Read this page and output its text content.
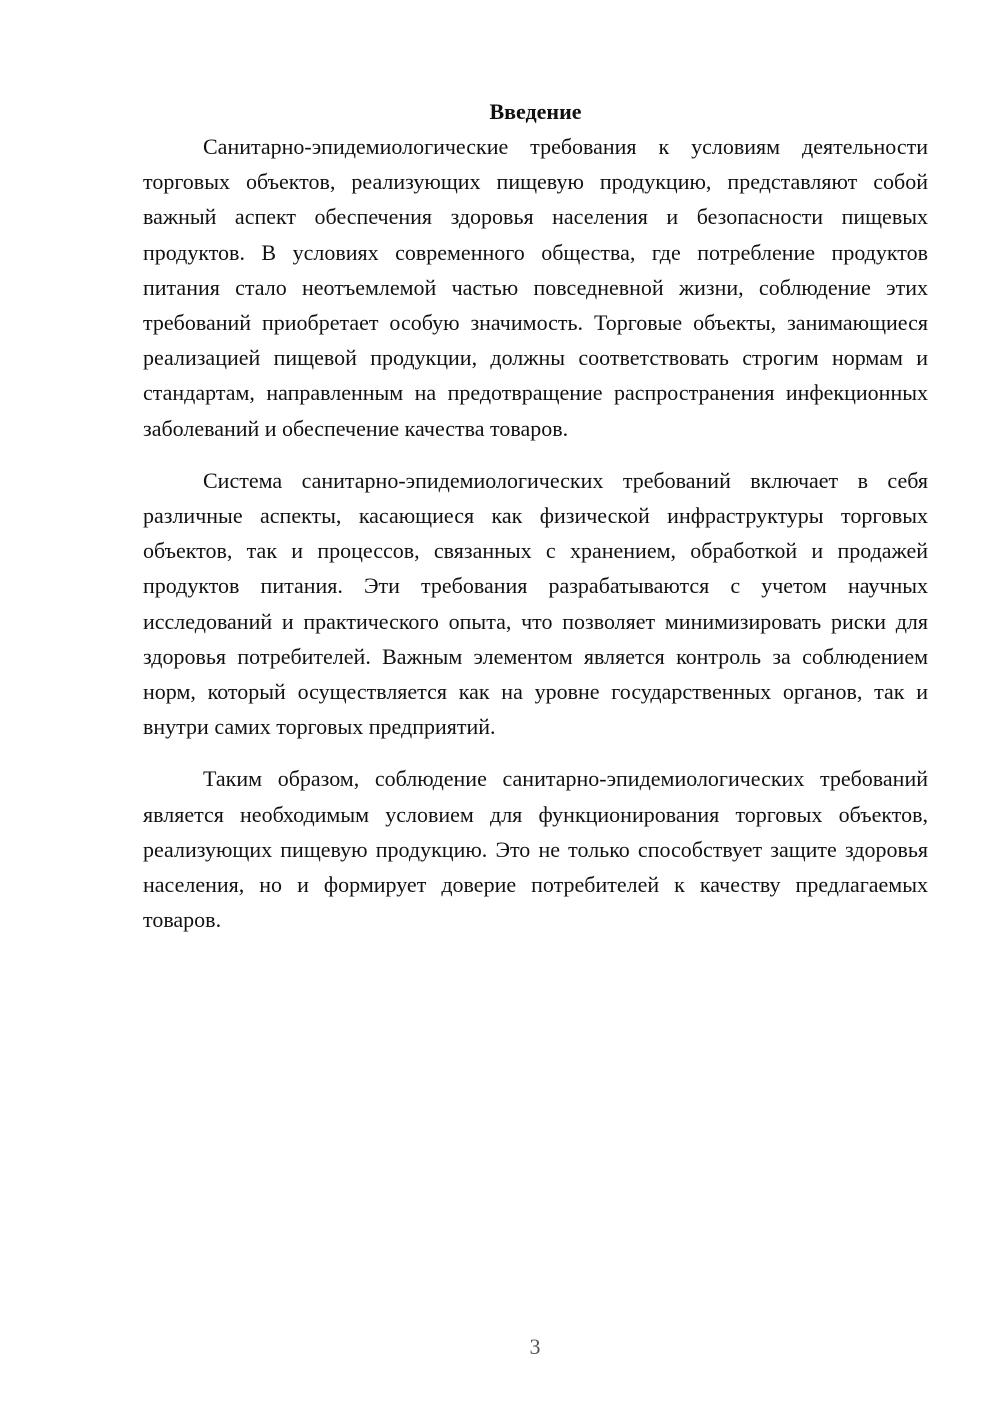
Введение

Санитарно-эпидемиологические требования к условиям деятельности торговых объектов, реализующих пищевую продукцию, представляют собой важный аспект обеспечения здоровья населения и безопасности пищевых продуктов. В условиях современного общества, где потребление продуктов питания стало неотъемлемой частью повседневной жизни, соблюдение этих требований приобретает особую значимость. Торговые объекты, занимающиеся реализацией пищевой продукции, должны соответствовать строгим нормам и стандартам, направленным на предотвращение распространения инфекционных заболеваний и обеспечение качества товаров.

Система санитарно-эпидемиологических требований включает в себя различные аспекты, касающиеся как физической инфраструктуры торговых объектов, так и процессов, связанных с хранением, обработкой и продажей продуктов питания. Эти требования разрабатываются с учетом научных исследований и практического опыта, что позволяет минимизировать риски для здоровья потребителей. Важным элементом является контроль за соблюдением норм, который осуществляется как на уровне государственных органов, так и внутри самих торговых предприятий.

Таким образом, соблюдение санитарно-эпидемиологических требований является необходимым условием для функционирования торговых объектов, реализующих пищевую продукцию. Это не только способствует защите здоровья населения, но и формирует доверие потребителей к качеству предлагаемых товаров.

3
